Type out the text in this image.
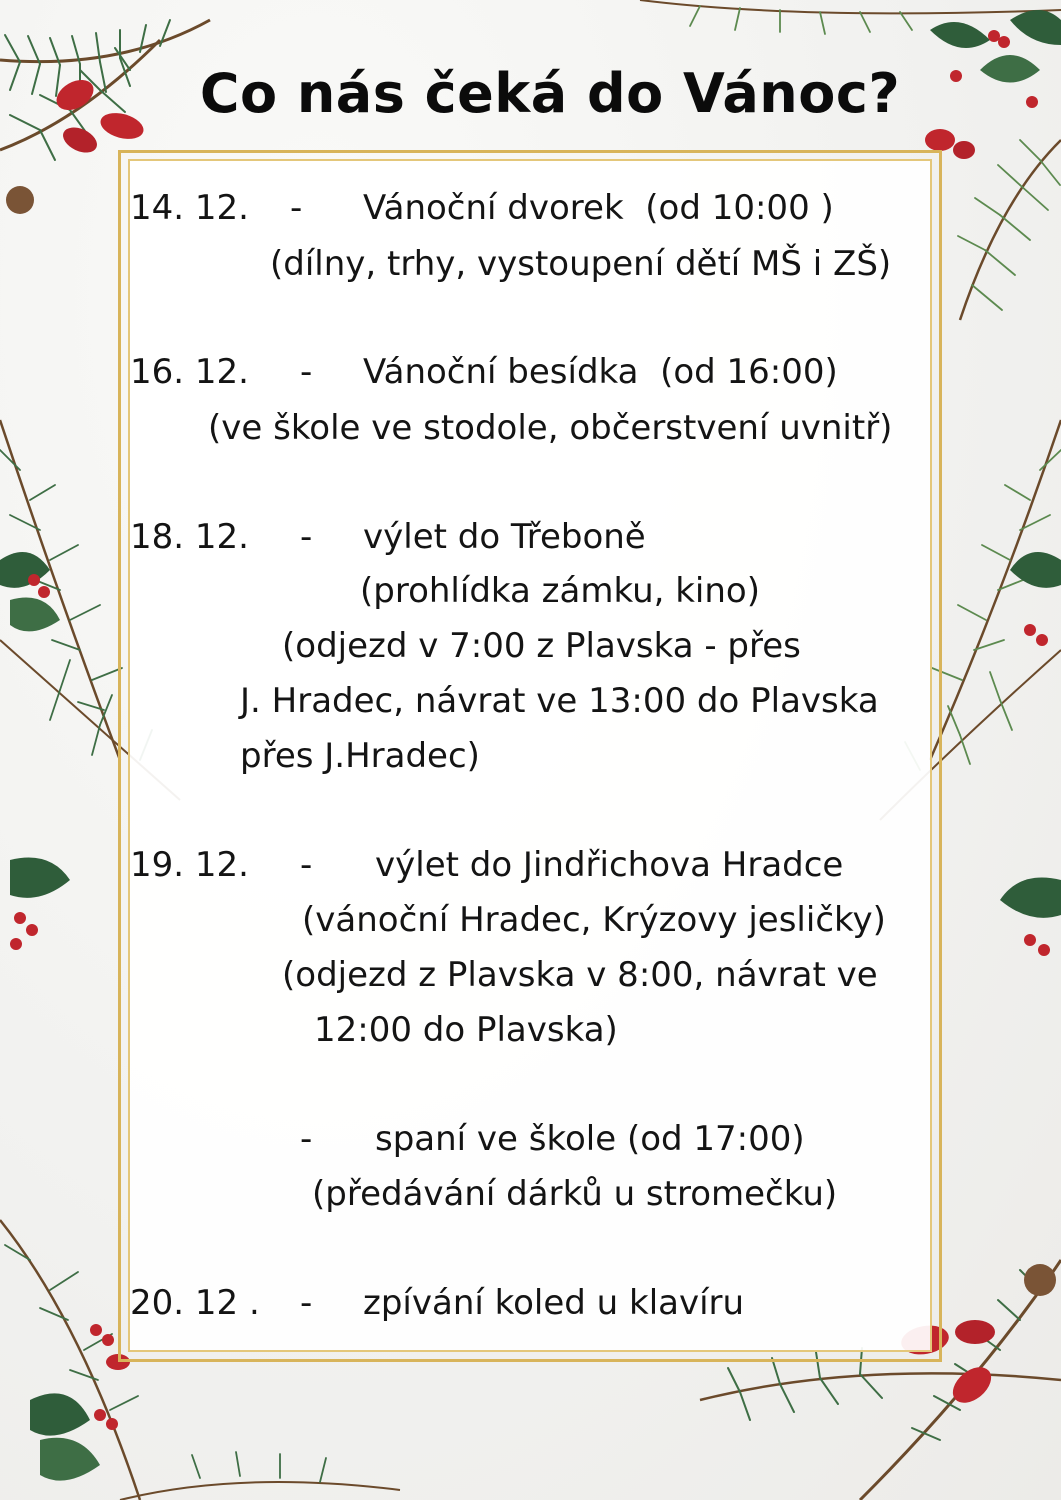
Co nás čeká do Vánoc?
14. 12. - Vánoční dvorek  (od 10:00 )
(dílny, trhy, vystoupení dětí MŠ i ZŠ)
16. 12. - Vánoční besídka  (od 16:00)
(ve škole ve stodole, občerstvení uvnitř)
18. 12. - výlet do Třeboně
(prohlídka zámku, kino)
(odjezd v 7:00 z Plavska - přes
J. Hradec, návrat ve 13:00 do Plavska
přes J.Hradec)
19. 12. - výlet do Jindřichova Hradce
(vánoční Hradec, Krýzovy jesličky)
(odjezd z Plavska v 8:00, návrat ve
12:00 do Plavska)
- spaní ve škole (od 17:00)
(předávání dárků u stromečku)
20. 12 . - zpívání koled u klavíru
